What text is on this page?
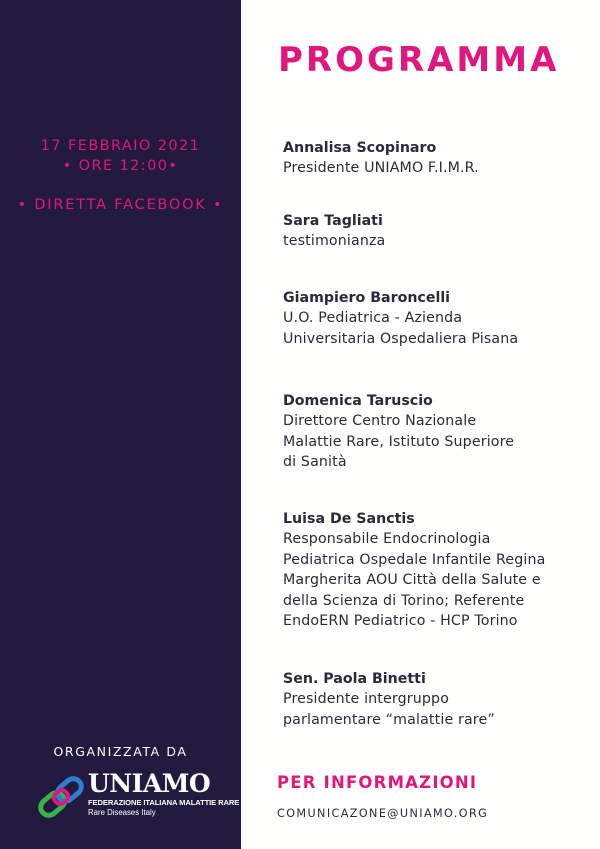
17 FEBBRAIO 2021
• ORE 12:00•
• DIRETTA FACEBOOK •
ORGANIZZATA DA
UNIAMO
FEDERAZIONE ITALIANA MALATTIE RARE
Rare Diseases Italy
PROGRAMMA
Annalisa Scopinaro
Presidente UNIAMO F.I.M.R.
Sara Tagliati
testimonianza
Giampiero Baroncelli
U.O. Pediatrica - Azienda
Universitaria Ospedaliera Pisana
Domenica Taruscio
Direttore Centro Nazionale
Malattie Rare, Istituto Superiore
di Sanità
Luisa De Sanctis
Responsabile Endocrinologia
Pediatrica Ospedale Infantile Regina
Margherita AOU Città della Salute e
della Scienza di Torino; Referente
EndoERN Pediatrico - HCP Torino
Sen. Paola Binetti
Presidente intergruppo
parlamentare “malattie rare”
PER INFORMAZIONI
COMUNICAZONE@UNIAMO.ORG
